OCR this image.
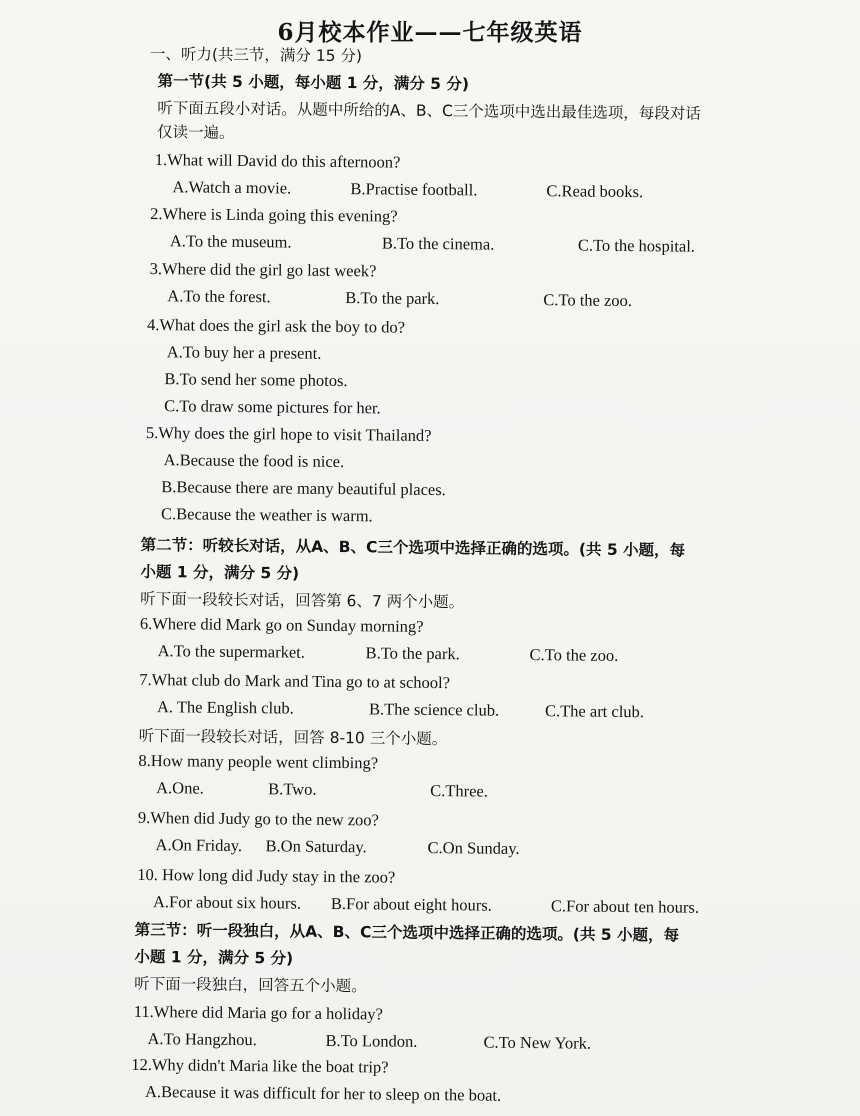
6月校本作业——七年级英语
一、听力(共三节，满分 15 分)
第一节(共 5 小题，每小题 1 分，满分 5 分)
听下面五段小对话。从题中所给的A、B、C三个选项中选出最佳选项，每段对话
仅读一遍。
1.What will David do this afternoon?
A.Watch a movie.	B.Practise football.	C.Read books.
2.Where is Linda going this evening?
A.To the museum.	B.To the cinema.	C.To the hospital.
3.Where did the girl go last week?
A.To the forest.	B.To the park.	C.To the zoo.
4.What does the girl ask the boy to do?
A.To buy her a present.
B.To send her some photos.
C.To draw some pictures for her.
5.Why does the girl hope to visit Thailand?
A.Because the food is nice.
B.Because there are many beautiful places.
C.Because the weather is warm.
第二节：听较长对话，从A、B、C三个选项中选择正确的选项。(共 5 小题，每
小题 1 分，满分 5 分)
听下面一段较长对话，回答第 6、7 两个小题。
6.Where did Mark go on Sunday morning?
A.To the supermarket.	B.To the park.	C.To the zoo.
7.What club do Mark and Tina go to at school?
A. The English club.	B.The science club.	C.The art club.
听下面一段较长对话，回答 8-10 三个小题。
8.How many people went climbing?
A.One.	B.Two.	C.Three.
9.When did Judy go to the new zoo?
A.On Friday. B.On Saturday.	C.On Sunday.
10. How long did Judy stay in the zoo?
A.For about six hours. B.For about eight hours.	C.For about ten hours.
第三节：听一段独白，从A、B、C三个选项中选择正确的选项。(共 5 小题，每
小题 1 分，满分 5 分)
听下面一段独白，回答五个小题。
11.Where did Maria go for a holiday?
A.To Hangzhou.	B.To London.	C.To New York.
12.Why didn't Maria like the boat trip?
A.Because it was difficult for her to sleep on the boat.
